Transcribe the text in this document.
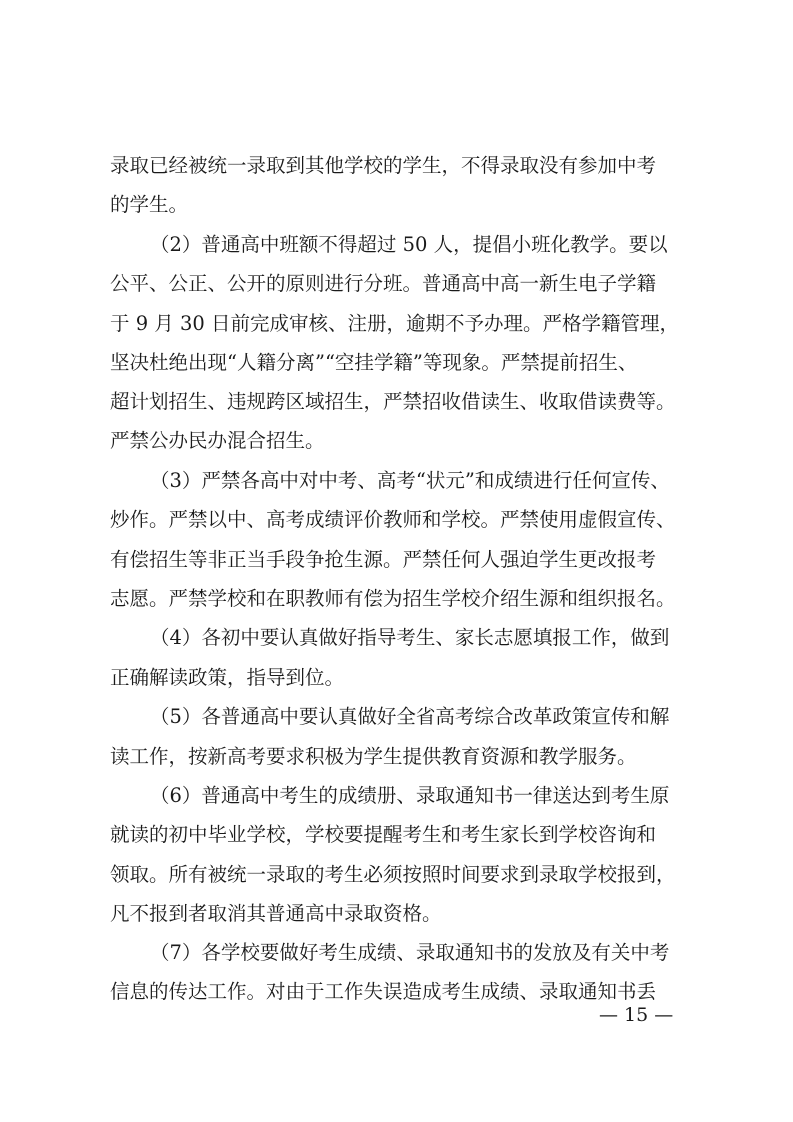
录取已经被统一录取到其他学校的学生，不得录取没有参加中考
的学生。
（2）普通高中班额不得超过 50 人，提倡小班化教学。要以
公平、公正、公开的原则进行分班。普通高中高一新生电子学籍
于 9 月 30 日前完成审核、注册，逾期不予办理。严格学籍管理，
坚决杜绝出现“人籍分离”“空挂学籍”等现象。严禁提前招生、
超计划招生、违规跨区域招生，严禁招收借读生、收取借读费等。
严禁公办民办混合招生。
（3）严禁各高中对中考、高考“状元”和成绩进行任何宣传、
炒作。严禁以中、高考成绩评价教师和学校。严禁使用虚假宣传、
有偿招生等非正当手段争抢生源。严禁任何人强迫学生更改报考
志愿。严禁学校和在职教师有偿为招生学校介绍生源和组织报名。
（4）各初中要认真做好指导考生、家长志愿填报工作，做到
正确解读政策，指导到位。
（5）各普通高中要认真做好全省高考综合改革政策宣传和解
读工作，按新高考要求积极为学生提供教育资源和教学服务。
（6）普通高中考生的成绩册、录取通知书一律送达到考生原
就读的初中毕业学校，学校要提醒考生和考生家长到学校咨询和
领取。所有被统一录取的考生必须按照时间要求到录取学校报到，
凡不报到者取消其普通高中录取资格。
（7）各学校要做好考生成绩、录取通知书的发放及有关中考
信息的传达工作。对由于工作失误造成考生成绩、录取通知书丢
— 15 —
